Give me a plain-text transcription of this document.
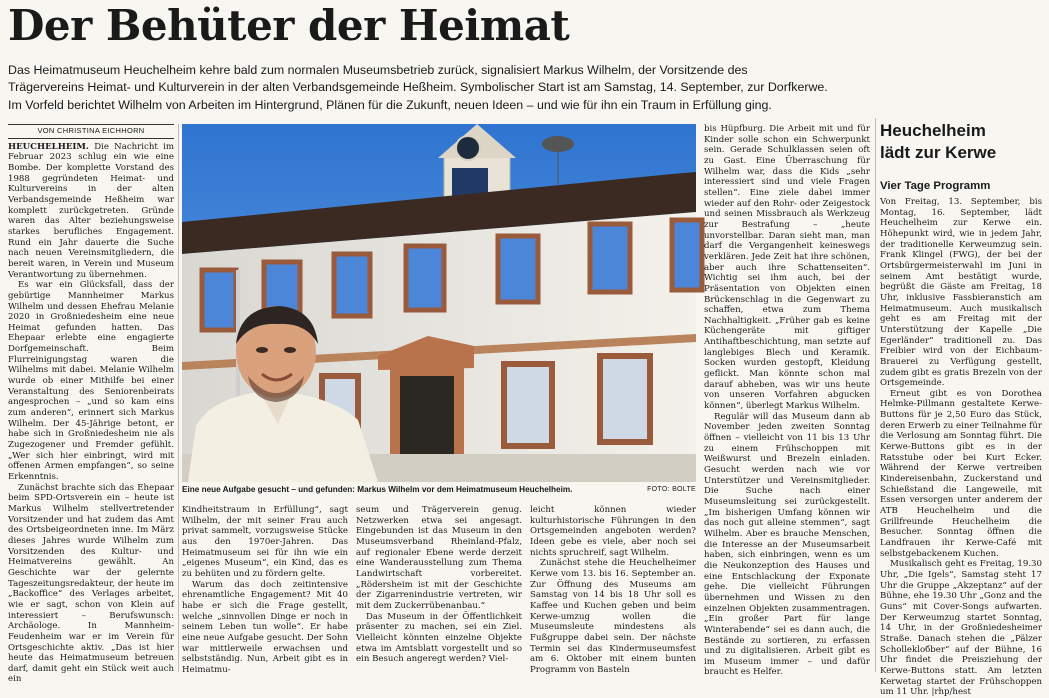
Der Behüter der Heimat

Das Heimatmuseum Heuchelheim kehre bald zum normalen Museumsbetrieb zurück, signalisiert Markus Wilhelm, der Vorsitzende des

Trägervereins Heimat- und Kulturverein in der alten Verbandsgemeinde Heßheim. Symbolischer Start ist am Samstag, 14. September, zur Dorfkerwe.

Im Vorfeld berichtet Wilhelm von Arbeiten im Hintergrund, Plänen für die Zukunft, neuen Ideen – und wie für ihn ein Traum in Erfüllung ging.

VON CHRISTINA EICHHORN

HEUCHELHEIM. Die Nachricht im Februar 2023 schlug ein wie eine Bombe. Der komplette Vorstand des 1988 gegründeten Heimat- und Kulturvereins in der alten Verbandsgemeinde Heßheim war komplett zurückgetreten. Gründe waren das Alter beziehungsweise starkes berufliches Engagement. Rund ein Jahr dauerte die Suche nach neuen Vereinsmitgliedern, die bereit waren, in Verein und Museum Verantwortung zu übernehmen.

Es war ein Glücksfall, dass der gebürtige Mannheimer Markus Wilhelm und dessen Ehefrau Melanie 2020 in Großniedesheim eine neue Heimat gefunden hatten. Das Ehepaar erlebte eine engagierte Dorfgemeinschaft. Beim Flurreinigungstag waren die Wilhelms mit dabei. Melanie Wilhelm wurde ob einer Mithilfe bei einer Veranstaltung des Seniorenbeirats angesprochen – „und so kam eins zum anderen“, erinnert sich Markus Wilhelm. Der 45-Jährige betont, er habe sich in Großniedesheim nie als Zugezogener und Fremder gefühlt. „Wer sich hier einbringt, wird mit offenen Armen empfangen“, so seine Erkenntnis.

Zunächst brachte sich das Ehepaar beim SPD-Ortsverein ein – heute ist Markus Wilhelm stellvertretender Vorsitzender und hat zudem das Amt des Ortsbeigeordneten inne. Im März dieses Jahres wurde Wilhelm zum Vorsitzenden des Kultur- und Heimatvereins gewählt. An Geschichte war der gelernte Tageszeitungsredakteur, der heute im „Backoffice“ des Verlages arbeitet, wie er sagt, schon von Klein auf interessiert – Berufswunsch: Archäologe. In Mannheim-Feudenheim war er im Verein für Ortsgeschichte aktiv. „Das ist hier heute das Heimatmuseum betreuen darf, damit geht ein Stück weit auch ein

Eine neue Aufgabe gesucht – und gefunden: Markus Wilhelm vor dem Heimatmuseum Heuchelheim.	FOTO: BOLTE

Kindheitstraum in Erfüllung“, sagt Wilhelm, der mit seiner Frau auch privat sammelt, vorzugsweise Stücke aus den 1970er-Jahren. Das Heimatmuseum sei für ihn wie ein „eigenes Museum“, ein Kind, das es zu behüten und zu fördern gelte.

Warum das doch zeitintensive ehrenamtliche Engagement? Mit 40 habe er sich die Frage gestellt, welche „sinnvollen Dinge er noch in seinem Leben tun wolle“. Er habe eine neue Aufgabe gesucht. Der Sohn war mittlerweile erwachsen und selbstständig. Nun, Arbeit gibt es in Heimatmu-

seum und Trägerverein genug. Netzwerken etwa sei angesagt. Eingebunden ist das Museum in den Museumsverband Rheinland-Pfalz, auf regionaler Ebene werde derzeit eine Wanderausstellung zum Thema Landwirtschaft vorbereitet. „Rödersheim ist mit der Geschichte der Zigarrenindustrie vertreten, wir mit dem Zuckerrübenanbau.“

Das Museum in der Öffentlichkeit präsenter zu machen, sei ein Ziel. Vielleicht könnten einzelne Objekte etwa im Amtsblatt vorgestellt und so ein Besuch angeregt werden? Viel-

leicht können wieder kulturhistorische Führungen in den Ortsgemeinden angeboten werden? Ideen gebe es viele, aber noch sei nichts spruchreif, sagt Wilhelm.

Zunächst stehe die Heuchelheimer Kerwe vom 13. bis 16. September an. Zur Öffnung des Museums am Samstag von 14 bis 18 Uhr soll es Kaffee und Kuchen geben und beim Kerwe-umzug wollen die Museumsleute mindestens als Fußgruppe dabei sein. Der nächste Termin sei das Kindermuseumsfest am 6. Oktober mit einem bunten Programm von Basteln

bis Hüpfburg. Die Arbeit mit und für Kinder solle schon ein Schwerpunkt sein. Gerade Schulklassen seien oft zu Gast. Eine Überraschung für Wilhelm war, dass die Kids „sehr interessiert sind und viele Fragen stellen“. Eine ziele dabei immer wieder auf den Rohr- oder Zeigestock und seinen Missbrauch als Werkzeug zur Bestrafung – „heute unvorstellbar. Daran sieht man, man darf die Vergangenheit keineswegs verklären. Jede Zeit hat ihre schönen, aber auch ihre Schattenseiten“. Wichtig sei ihm auch, bei der Präsentation von Objekten einen Brückenschlag in die Gegenwart zu schaffen, etwa zum Thema Nachhaltigkeit. „Früher gab es keine Küchengeräte mit giftiger Antihaftbeschichtung, man setzte auf langlebiges Blech und Keramik. Socken wurden gestopft, Kleidung geflickt. Man könnte schon mal darauf abheben, was wir uns heute von unseren Vorfahren abgucken können“, überlegt Markus Wilhelm.

Regulär will das Museum dann ab November jeden zweiten Sonntag öffnen – vielleicht von 11 bis 13 Uhr zu einem Frühschoppen mit Weißwurst und Brezeln einladen. Gesucht werden nach wie vor Unterstützer und Vereinsmitglieder. Die Suche nach einer Museumsleitung sei zurückgestellt. „Im bisherigen Umfang können wir das noch gut alleine stemmen“, sagt Wilhelm. Aber es brauche Menschen, die Interesse an der Museumsarbeit haben, sich einbringen, wenn es um die Neukonzeption des Hauses und eine Entschlackung der Exponate gehe. Die vielleicht Führungen übernehmen und Wissen zu den einzelnen Objekten zusammentragen. „Ein großer Part für lange Winterabende“ sei es dann auch, die Bestände zu sortieren, zu erfassen und zu digitalisieren. Arbeit gibt es im Museum immer – und dafür braucht es Helfer.

Heuchelheim
lädt zur Kerwe
Vier Tage Programm

Von Freitag, 13. September, bis Montag, 16. September, lädt Heuchelheim zur Kerwe ein. Höhepunkt wird, wie in jedem Jahr, der traditionelle Kerweumzug sein. Frank Klingel (FWG), der bei der Ortsbürgermeisterwahl im Juni in seinem Amt bestätigt wurde, begrüßt die Gäste am Freitag, 18 Uhr, inklusive Fassbieranstich am Heimatmuseum. Auch musikalisch geht es am Freitag mit der Unterstützung der Kapelle „Die Egerländer“ traditionell zu. Das Freibier wird von der Eichbaum-Brauerei zu Verfügung gestellt, zudem gibt es gratis Brezeln von der Ortsgemeinde.

Erneut gibt es von Dorothea Helmke-Pillmann gestaltete Kerwe-Buttons für je 2,50 Euro das Stück, deren Erwerb zu einer Teilnahme für die Verlosung am Sonntag führt. Die Kerwe-Buttons gibt es in der Ratsstube oder bei Kurt Ecker. Während der Kerwe vertreiben Kindereisenbahn, Zuckerstand und Schießstand die Langeweile, mit Essen versorgen unter anderem der ATB Heuchelheim und die Grillfreunde Heuchelheim die Besucher. Sonntag öffnen die Landfrauen ihr Kerwe-Café mit selbstgebackenem Kuchen.

Musikalisch geht es Freitag, 19.30 Uhr, „Die Igels“, Samstag steht 17 Uhr die Gruppe „Akzeptanz“ auf der Bühne, ehe 19.30 Uhr „Gonz and the Guns“ mit Cover-Songs aufwarten. Der Kerweumzug startet Sonntag, 14 Uhr, in der Großniedesheimer Straße. Danach stehen die „Pälzer Schollekloбber“ auf der Bühne, 16 Uhr findet die Preisziehung der Kerwe-Buttons statt. Am letzten Kerwetag startet der Frühschoppen um 11 Uhr. |rhp/hest
